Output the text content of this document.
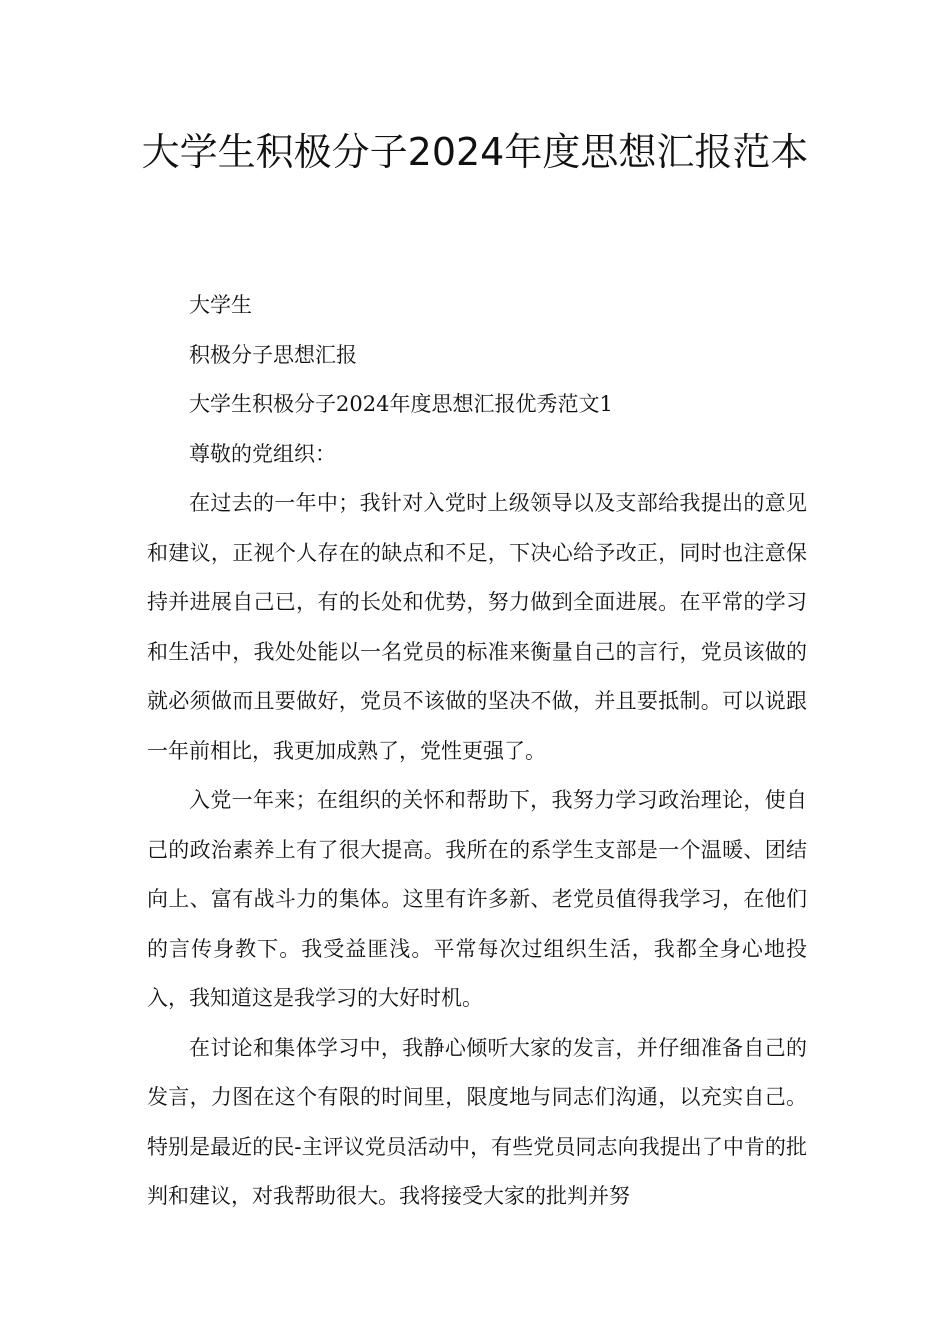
大学生积极分子2024年度思想汇报范本

大学生

积极分子思想汇报

大学生积极分子2024年度思想汇报优秀范文1

尊敬的党组织：

在过去的一年中；我针对入党时上级领导以及支部给我提出的意见和建议，正视个人存在的缺点和不足，下决心给予改正，同时也注意保持并进展自己已，有的长处和优势，努力做到全面进展。在平常的学习和生活中，我处处能以一名党员的标准来衡量自己的言行，党员该做的就必须做而且要做好，党员不该做的坚决不做，并且要抵制。可以说跟一年前相比，我更加成熟了，党性更强了。

入党一年来；在组织的关怀和帮助下，我努力学习政治理论，使自己的政治素养上有了很大提高。我所在的系学生支部是一个温暖、团结向上、富有战斗力的集体。这里有许多新、老党员值得我学习，在他们的言传身教下。我受益匪浅。平常每次过组织生活，我都全身心地投入，我知道这是我学习的大好时机。

在讨论和集体学习中，我静心倾听大家的发言，并仔细准备自己的发言，力图在这个有限的时间里，限度地与同志们沟通，以充实自己。特别是最近的民-主评议党员活动中，有些党员同志向我提出了中肯的批判和建议，对我帮助很大。我将接受大家的批判并努
